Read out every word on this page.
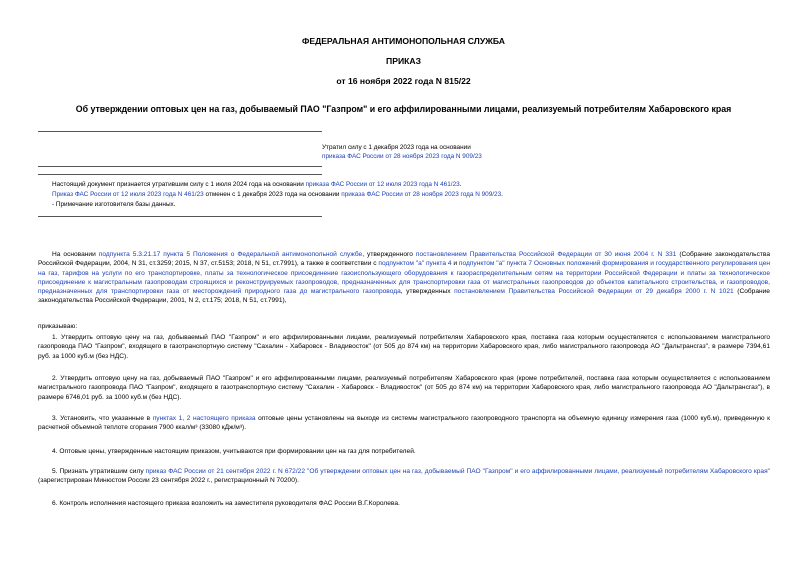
ФЕДЕРАЛЬНАЯ АНТИМОНОПОЛЬНАЯ СЛУЖБА
ПРИКАЗ
от 16 ноября 2022 года N 815/22
Об утверждении оптовых цен на газ, добываемый ПАО "Газпром" и его аффилированными лицами, реализуемый потребителям Хабаровского края
Утратил силу с 1 декабря 2023 года на основании
приказа ФАС России от 28 ноября 2023 года N 909/23
Настоящий документ признается утратившим силу с 1 июля 2024 года на основании приказа ФАС России от 12 июля 2023 года N 461/23.
Приказ ФАС России от 12 июля 2023 года N 461/23 отменен с 1 декабря 2023 года на основании приказа ФАС России от 28 ноября 2023 года N 909/23.
- Примечание изготовителя базы данных.
На основании подпункта 5.3.21.17 пункта 5 Положения о Федеральной антимонопольной службе, утвержденного постановлением Правительства Российской Федерации от 30 июня 2004 г. N 331 (Собрание законодательства Российской Федерации, 2004, N 31, ст.3259; 2015, N 37, ст.5153; 2018, N 51, ст.7991), а также в соответствии с подпунктом "а" пункта 4 и подпунктом "а" пункта 7 Основных положений формирования и государственного регулирования цен на газ, тарифов на услуги по его транспортировке, платы за технологическое присоединение газоиспользующего оборудования к газораспределительным сетям на территории Российской Федерации и платы за технологическое присоединение к магистральным газопроводам строящихся и реконструируемых газопроводов, предназначенных для транспортировки газа от магистральных газопроводов до объектов капитального строительства, и газопроводов, предназначенных для транспортировки газа от месторождений природного газа до магистрального газопровода, утвержденных постановлением Правительства Российской Федерации от 29 декабря 2000 г. N 1021 (Собрание законодательства Российской Федерации, 2001, N 2, ст.175; 2018, N 51, ст.7991),
приказываю:
1. Утвердить оптовую цену на газ, добываемый ПАО "Газпром" и его аффилированными лицами, реализуемый потребителям Хабаровского края, поставка газа которым осуществляется с использованием магистрального газопровода ПАО "Газпром", входящего в газотранспортную систему "Сахалин - Хабаровск - Владивосток" (от 505 до 874 км) на территории Хабаровского края, либо магистрального газопровода АО "Дальтрансгаз", в размере 7394,61 руб. за 1000 куб.м (без НДС).
2. Утвердить оптовую цену на газ, добываемый ПАО "Газпром" и его аффилированными лицами, реализуемый потребителям Хабаровского края (кроме потребителей, поставка газа которым осуществляется с использованием магистрального газопровода ПАО "Газпром", входящего в газотранспортную систему "Сахалин - Хабаровск - Владивосток" (от 505 до 874 км) на территории Хабаровского края, либо магистрального газопровода АО "Дальтрансгаз"), в размере 6746,01 руб. за 1000 куб.м (без НДС).
3. Установить, что указанные в пунктах 1, 2 настоящего приказа оптовые цены установлены на выходе из системы магистрального газопроводного транспорта на объемную единицу измерения газа (1000 куб.м), приведенную к расчетной объемной теплоте сгорания 7900 ккал/м³ (33080 кДж/м³).
4. Оптовые цены, утвержденные настоящим приказом, учитываются при формировании цен на газ для потребителей.
5. Признать утратившим силу приказ ФАС России от 21 сентября 2022 г. N 672/22 "Об утверждении оптовых цен на газ, добываемый ПАО "Газпром" и его аффилированными лицами, реализуемый потребителям Хабаровского края" (зарегистрирован Минюстом России 23 сентября 2022 г., регистрационный N 70200).
6. Контроль исполнения настоящего приказа возложить на заместителя руководителя ФАС России В.Г.Королева.
